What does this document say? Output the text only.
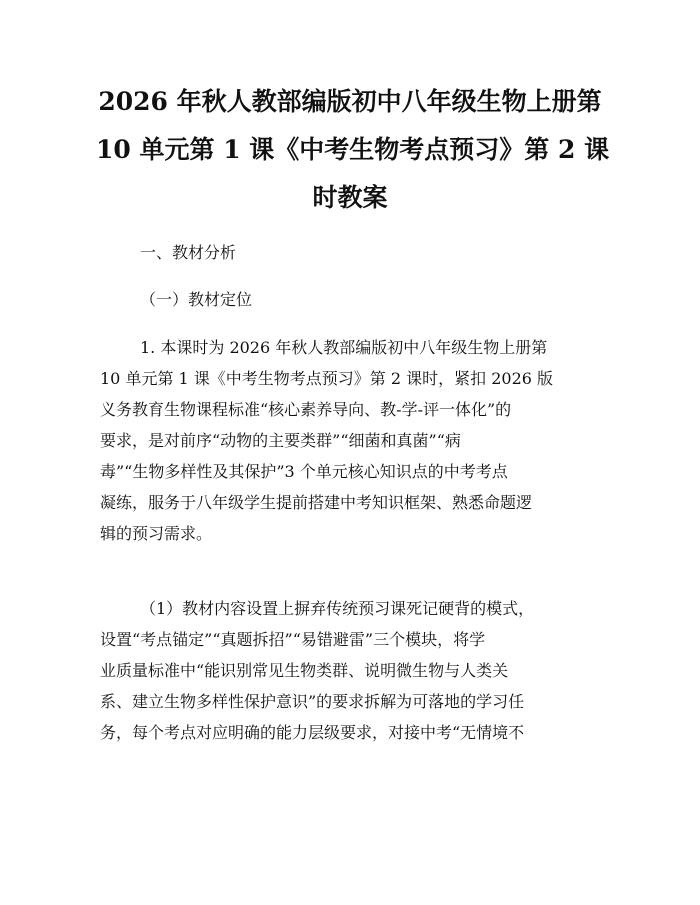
2026 年秋人教部编版初中八年级生物上册第
10 单元第 1 课《中考生物考点预习》第 2 课
时教案

一、教材分析

（一）教材定位

1. 本课时为 2026 年秋人教部编版初中八年级生物上册第
10 单元第 1 课《中考生物考点预习》第 2 课时，紧扣 2026 版
义务教育生物课程标准“核心素养导向、教-学-评一体化”的
要求，是对前序“动物的主要类群”“细菌和真菌”“病
毒”“生物多样性及其保护”3 个单元核心知识点的中考考点
凝练，服务于八年级学生提前搭建中考知识框架、熟悉命题逻
辑的预习需求。
（1）教材内容设置上摒弃传统预习课死记硬背的模式，
设置“考点锚定”“真题拆招”“易错避雷”三个模块，将学
业质量标准中“能识别常见生物类群、说明微生物与人类关
系、建立生物多样性保护意识”的要求拆解为可落地的学习任
务，每个考点对应明确的能力层级要求，对接中考“无情境不
